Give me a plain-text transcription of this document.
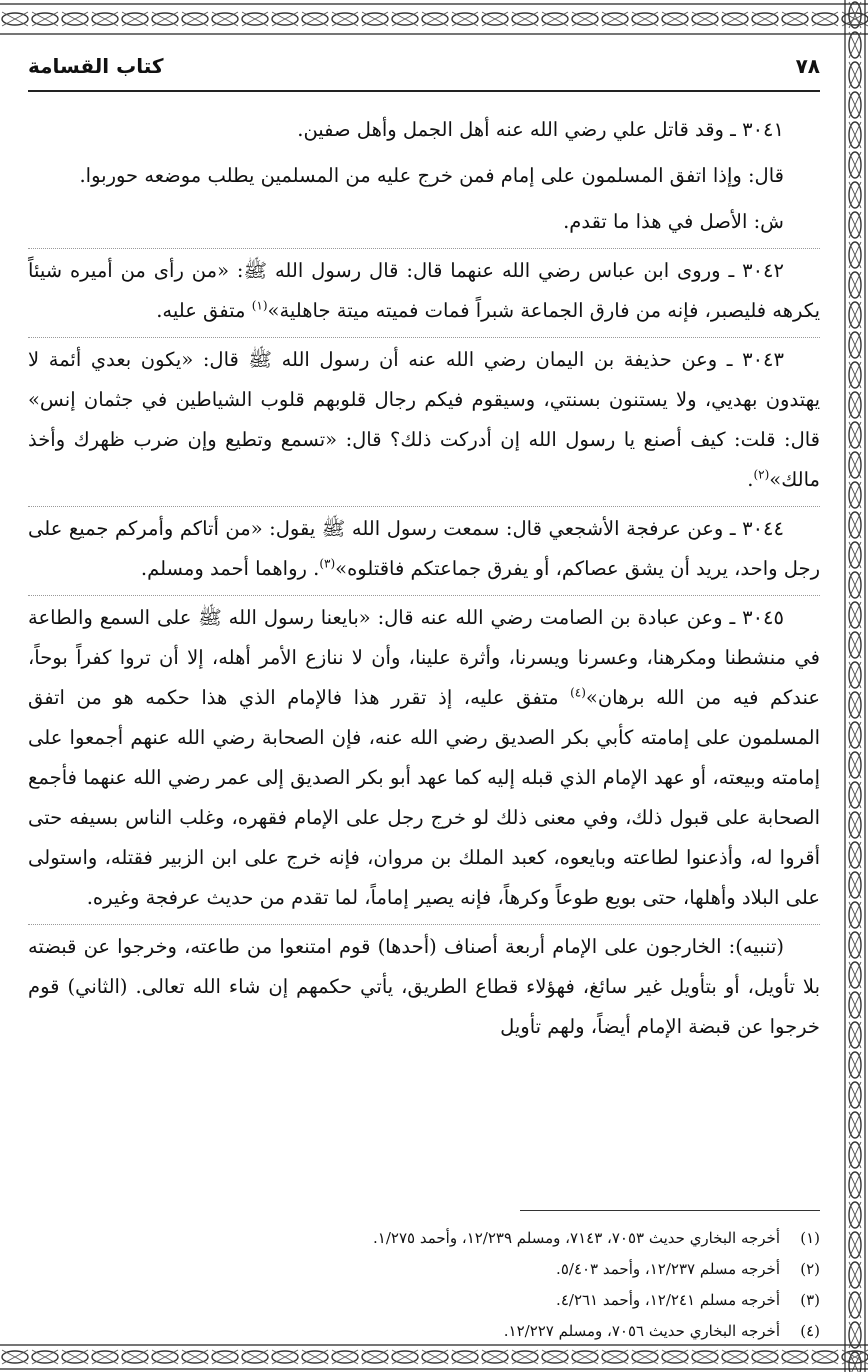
٧٨
كتاب القسامة

٣٠٤١ ـ وقد قاتل علي رضي الله عنه أهل الجمل وأهل صفين.

قال: وإذا اتفق المسلمون على إمام فمن خرج عليه من المسلمين يطلب موضعه حوربوا.

ش: الأصل في هذا ما تقدم.

٣٠٤٢ ـ وروى ابن عباس رضي الله عنهما قال: قال رسول الله ﷺ: «من رأى من أميره شيئاً يكرهه فليصبر، فإنه من فارق الجماعة شبراً فمات فميته ميتة جاهلية»$^{(١)}$ متفق عليه.

٣٠٤٣ ـ وعن حذيفة بن اليمان رضي الله عنه أن رسول الله ﷺ قال: «يكون بعدي أئمة لا يهتدون بهديي، ولا يستنون بسنتي، وسيقوم فيكم رجال قلوبهم قلوب الشياطين في جثمان إنس» قال: قلت: كيف أصنع يا رسول الله إن أدركت ذلك؟ قال: «تسمع وتطيع وإن ضرب ظهرك وأخذ مالك»$^{(٢)}$.

٣٠٤٤ ـ وعن عرفجة الأشجعي قال: سمعت رسول الله ﷺ يقول: «من أتاكم وأمركم جميع على رجل واحد، يريد أن يشق عصاكم، أو يفرق جماعتكم فاقتلوه»$^{(٣)}$. رواهما أحمد ومسلم.

٣٠٤٥ ـ وعن عبادة بن الصامت رضي الله عنه قال: «بايعنا رسول الله ﷺ على السمع والطاعة في منشطنا ومكرهنا، وعسرنا ويسرنا، وأثرة علينا، وأن لا ننازع الأمر أهله، إلا أن تروا كفراً بوحاً، عندكم فيه من الله برهان»$^{(٤)}$ متفق عليه، إذ تقرر هذا فالإمام الذي هذا حكمه هو من اتفق المسلمون على إمامته كأبي بكر الصديق رضي الله عنه، فإن الصحابة رضي الله عنهم أجمعوا على إمامته وبيعته، أو عهد الإمام الذي قبله إليه كما عهد أبو بكر الصديق إلى عمر رضي الله عنهما فأجمع الصحابة على قبول ذلك، وفي معنى ذلك لو خرج رجل على الإمام فقهره، وغلب الناس بسيفه حتى أقروا له، وأذعنوا لطاعته وبايعوه، كعبد الملك بن مروان، فإنه خرج على ابن الزبير فقتله، واستولى على البلاد وأهلها، حتى بويع طوعاً وكرهاً، فإنه يصير إماماً، لما تقدم من حديث عرفجة وغيره.

(تنبيه): الخارجون على الإمام أربعة أصناف (أحدها) قوم امتنعوا من طاعته، وخرجوا عن قبضته بلا تأويل، أو بتأويل غير سائغ، فهؤلاء قطاع الطريق، يأتي حكمهم إن شاء الله تعالى. (الثاني) قوم خرجوا عن قبضة الإمام أيضاً، ولهم تأويل

(١)
أخرجه البخاري حديث ٧٠٥٣، ٧١٤٣، ومسلم ١٢/٢٣٩، وأحمد ١/٢٧٥.
(٢)
أخرجه مسلم ١٢/٢٣٧، وأحمد ٥/٤٠٣.
(٣)
أخرجه مسلم ١٢/٢٤١، وأحمد ٤/٢٦١.
(٤)
أخرجه البخاري حديث ٧٠٥٦، ومسلم ١٢/٢٢٧.
